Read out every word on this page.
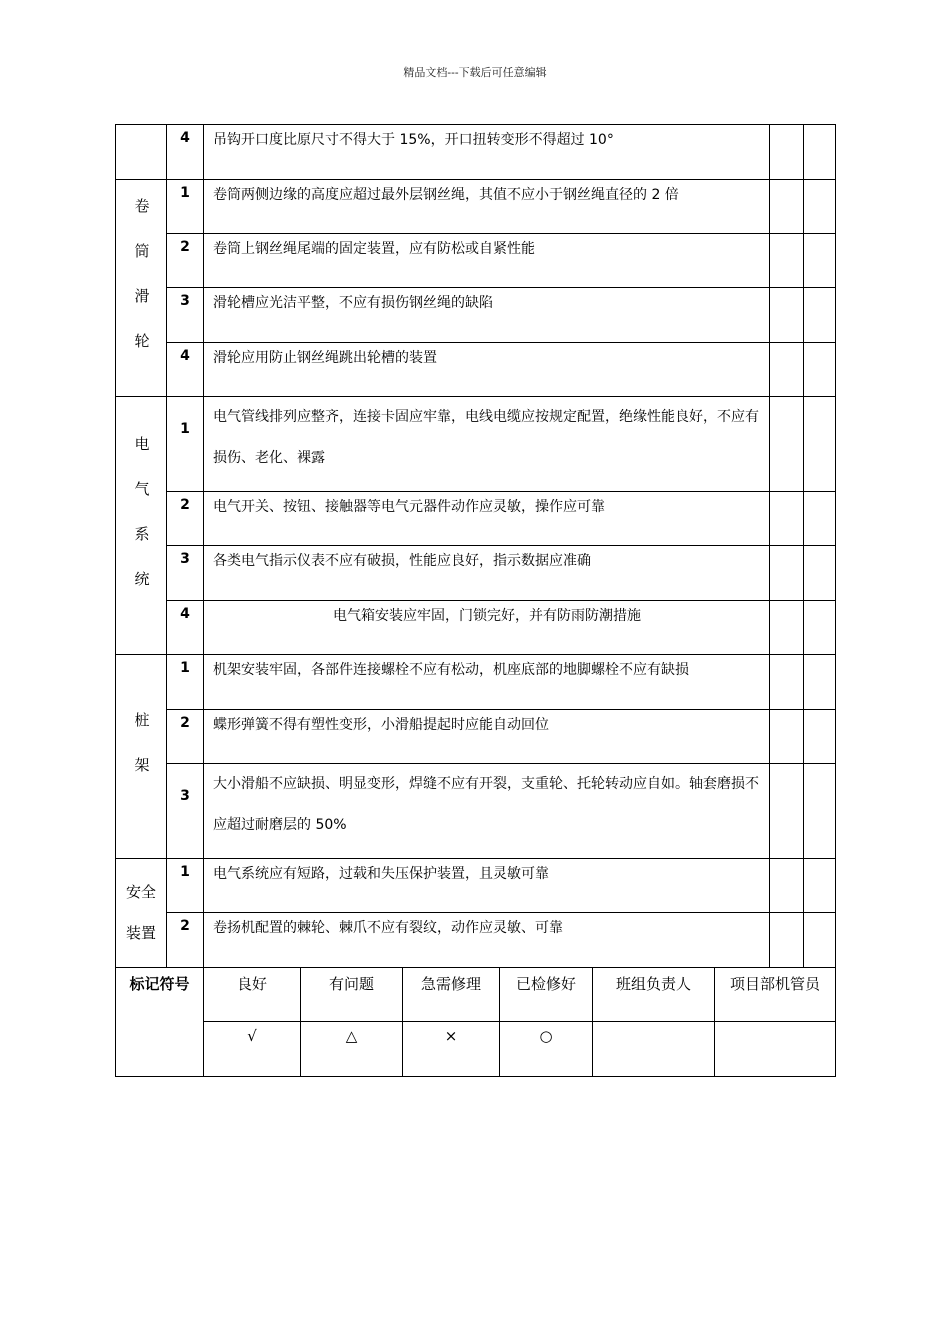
精品文档---下载后可任意编辑
	4	吊钩开口度比原尺寸不得大于 15%，开口扭转变形不得超过 10°							

卷筒滑轮	1	卷筒两侧边缘的高度应超过最外层钢丝绳，其值不应小于钢丝绳直径的 2 倍							
	2	卷筒上钢丝绳尾端的固定装置，应有防松或自紧性能							
	3	滑轮槽应光洁平整，不应有损伤钢丝绳的缺陷							
	4	滑轮应用防止钢丝绳跳出轮槽的装置							

电气系统	1	电气管线排列应整齐，连接卡固应牢靠，电线电缆应按规定配置，绝缘性能良好，不应有损伤、老化、裸露							
	2	电气开关、按钮、接触器等电气元器件动作应灵敏，操作应可靠							
	3	各类电气指示仪表不应有破损，性能应良好，指示数据应准确							
	4	电气箱安装应牢固，门锁完好，并有防雨防潮措施							

桩架	1	机架安装牢固，各部件连接螺栓不应有松动，机座底部的地脚螺栓不应有缺损							
	2	蝶形弹簧不得有塑性变形，小滑船提起时应能自动回位							
	3	大小滑船不应缺损、明显变形，焊缝不应有开裂，支重轮、托轮转动应自如。轴套磨损不应超过耐磨层的 50%							

安全装置	1	电气系统应有短路，过载和失压保护装置，且灵敏可靠							
	2	卷扬机配置的棘轮、棘爪不应有裂纹，动作应灵敏、可靠							
标记符号		良好	有问题	急需修理	已检修好	班组负责人	项目部机管员		
		√	△	×	○				
